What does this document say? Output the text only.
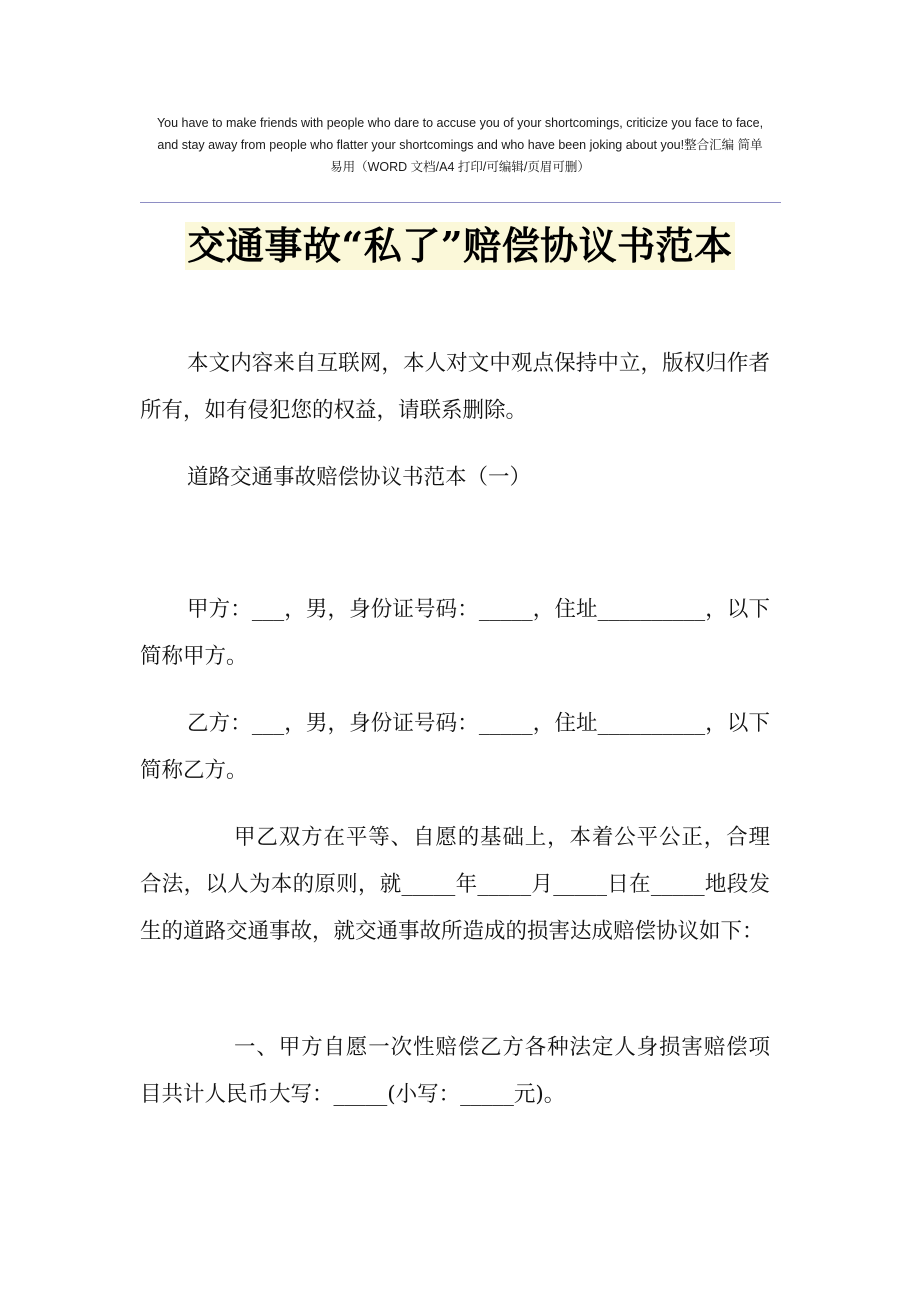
You have to make friends with people who dare to accuse you of your shortcomings, criticize you face to face,
and stay away from people who flatter your shortcomings and who have been joking about you!整合汇编 简单
易用（WORD 文档/A4 打印/可编辑/页眉可删）
交通事故“私了”赔偿协议书范本

本文内容来自互联网，本人对文中观点保持中立，版权归作者所有，如有侵犯您的权益，请联系删除。

道路交通事故赔偿协议书范本（一）

甲方：___，男，身份证号码：_____，住址__________，以下简称甲方。

乙方：___，男，身份证号码：_____，住址__________，以下简称乙方。

甲乙双方在平等、自愿的基础上，本着公平公正，合理合法，以人为本的原则，就_____年_____月_____日在_____地段发生的道路交通事故，就交通事故所造成的损害达成赔偿协议如下：

一、甲方自愿一次性赔偿乙方各种法定人身损害赔偿项目共计人民币大写：_____(小写：_____元)。
